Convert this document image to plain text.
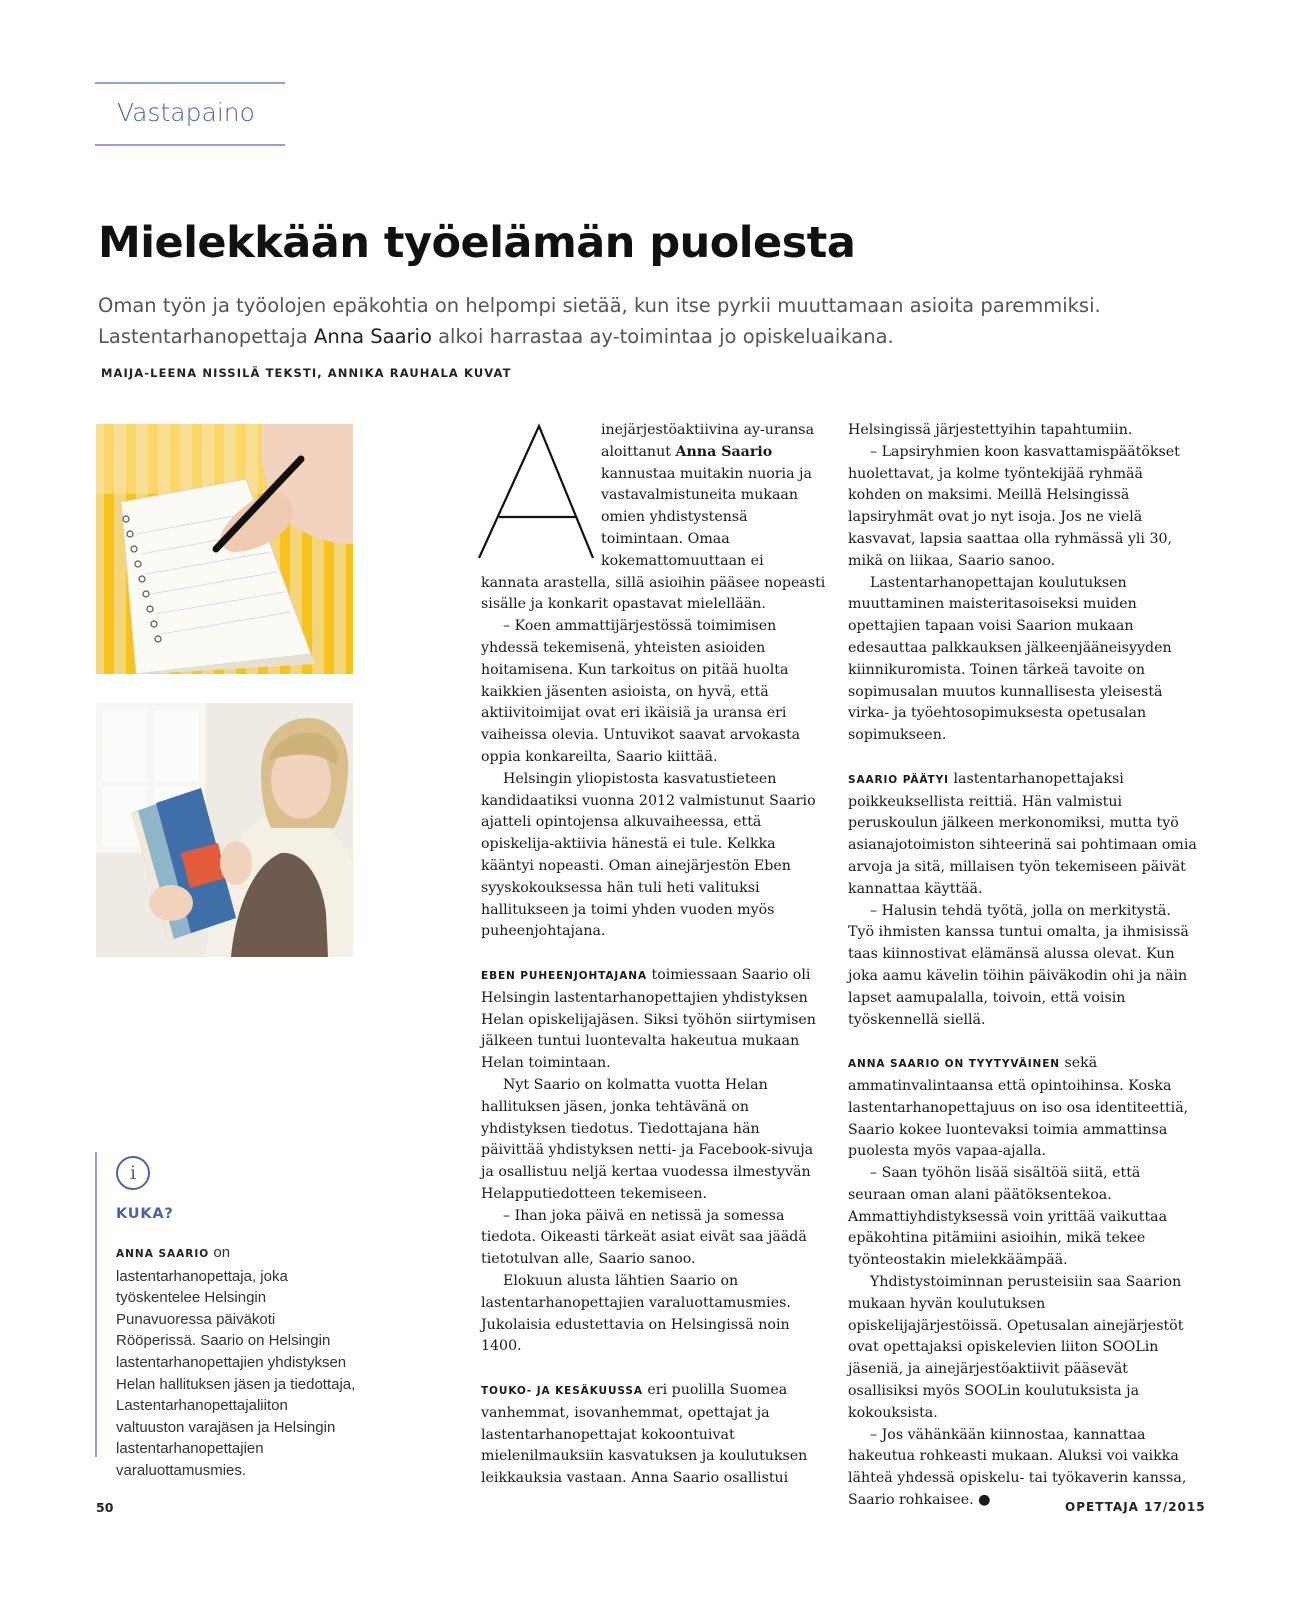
Vastapaino
Mielekkään työelämän puolesta
Oman työn ja työolojen epäkohtia on helpompi sietää, kun itse pyrkii muuttamaan asioita paremmiksi. Lastentarhanopettaja Anna Saario alkoi harrastaa ay-toimintaa jo opiskeluaikana.
MAIJA-LEENA NISSILÄ TEKSTI, ANNIKA RAUHALA KUVAT
i
KUKA?
ANNA SAARIO on lastentarhanopettaja, joka työskentelee Helsingin Punavuoressa päiväkoti Rööperissä. Saario on Helsingin lastentarhanopettajien yhdistyksen Helan hallituksen jäsen ja tiedottaja, Lastentarhanopettajaliiton valtuuston varajäsen ja Helsingin lastentarhanopettajien varaluottamusmies.

inejärjestöaktiivina ay-uransa aloittanut Anna Saario kannustaa muitakin nuoria ja vastavalmistuneita mukaan omien yhdistystensä toimintaan. Omaa kokemattomuuttaan ei kannata arastella, sillä asioihin pääsee nopeasti sisälle ja konkarit opastavat mielellään.

– Koen ammattijärjestössä toimimisen yhdessä tekemisenä, yhteisten asioiden hoitamisena. Kun tarkoitus on pitää huolta kaikkien jäsenten asioista, on hyvä, että aktiivitoimijat ovat eri ikäisiä ja uransa eri vaiheissa olevia. Untuvikot saavat arvokasta oppia konkareilta, Saario kiittää.

Helsingin yliopistosta kasvatustieteen kandidaatiksi vuonna 2012 valmistunut Saario ajatteli opintojensa alkuvaiheessa, että opiskelija-aktiivia hänestä ei tule. Kelkka kääntyi nopeasti. Oman ainejärjestön Eben syyskokouksessa hän tuli heti valituksi hallitukseen ja toimi yhden vuoden myös puheenjohtajana.

EBEN PUHEENJOHTAJANA toimiessaan Saario oli Helsingin lastentarhanopettajien yhdistyksen Helan opiskelijajäsen. Siksi työhön siirtymisen jälkeen tuntui luontevalta hakeutua mukaan Helan toimintaan.

Nyt Saario on kolmatta vuotta Helan hallituksen jäsen, jonka tehtävänä on yhdistyksen tiedotus. Tiedottajana hän päivittää yhdistyksen netti- ja Facebook-sivuja ja osallistuu neljä kertaa vuodessa ilmestyvän Helapputiedotteen tekemiseen.

– Ihan joka päivä en netissä ja somessa tiedota. Oikeasti tärkeät asiat eivät saa jäädä tietotulvan alle, Saario sanoo.

Elokuun alusta lähtien Saario on lastentarhanopettajien varaluottamusmies. Jukolaisia edustettavia on Helsingissä noin 1400.

TOUKO- JA KESÄKUUSSA eri puolilla Suomea vanhemmat, isovanhemmat, opettajat ja lastentarhanopettajat kokoontuivat mielenilmauksiin kasvatuksen ja koulutuksen leikkauksia vastaan. Anna Saario osallistui

Helsingissä järjestettyihin tapahtumiin.

– Lapsiryhmien koon kasvattamispäätökset huolettavat, ja kolme työntekijää ryhmää kohden on maksimi. Meillä Helsingissä lapsiryhmät ovat jo nyt isoja. Jos ne vielä kasvavat, lapsia saattaa olla ryhmässä yli 30, mikä on liikaa, Saario sanoo.

Lastentarhanopettajan koulutuksen muuttaminen maisteritasoiseksi muiden opettajien tapaan voisi Saarion mukaan edesauttaa palkkauksen jälkeenjääneisyyden kiinnikuromista. Toinen tärkeä tavoite on sopimusalan muutos kunnallisesta yleisestä virka- ja työehtosopimuksesta opetusalan sopimukseen.

SAARIO PÄÄTYI lastentarhanopettajaksi poikkeuksellista reittiä. Hän valmistui peruskoulun jälkeen merkonomiksi, mutta työ asianajotoimiston sihteerinä sai pohtimaan omia arvoja ja sitä, millaisen työn tekemiseen päivät kannattaa käyttää.

– Halusin tehdä työtä, jolla on merkitystä. Työ ihmisten kanssa tuntui omalta, ja ihmisissä taas kiinnostivat elämänsä alussa olevat. Kun joka aamu kävelin töihin päiväkodin ohi ja näin lapset aamupalalla, toivoin, että voisin työskennellä siellä.

ANNA SAARIO ON TYYTYVÄINEN sekä ammatinvalintaansa että opintoihinsa. Koska lastentarhanopettajuus on iso osa identiteettiä, Saario kokee luontevaksi toimia ammattinsa puolesta myös vapaa-ajalla.

– Saan työhön lisää sisältöä siitä, että seuraan oman alani päätöksentekoa. Ammattiyhdistyksessä voin yrittää vaikuttaa epäkohtina pitämiini asioihin, mikä tekee työnteostakin mielekkäämpää.

Yhdistystoiminnan perusteisiin saa Saarion mukaan hyvän koulutuksen opiskelijajärjestöissä. Opetusalan ainejärjestöt ovat opettajaksi opiskelevien liiton SOOLin jäseniä, ja ainejärjestöaktiivit pääsevät osallisiksi myös SOOLin koulutuksista ja kokouksista.

– Jos vähänkään kiinnostaa, kannattaa hakeutua rohkeasti mukaan. Aluksi voi vaikka lähteä yhdessä opiskelu- tai työkaverin kanssa, Saario rohkaisee. ●

50	OPETTAJA 17/2015
